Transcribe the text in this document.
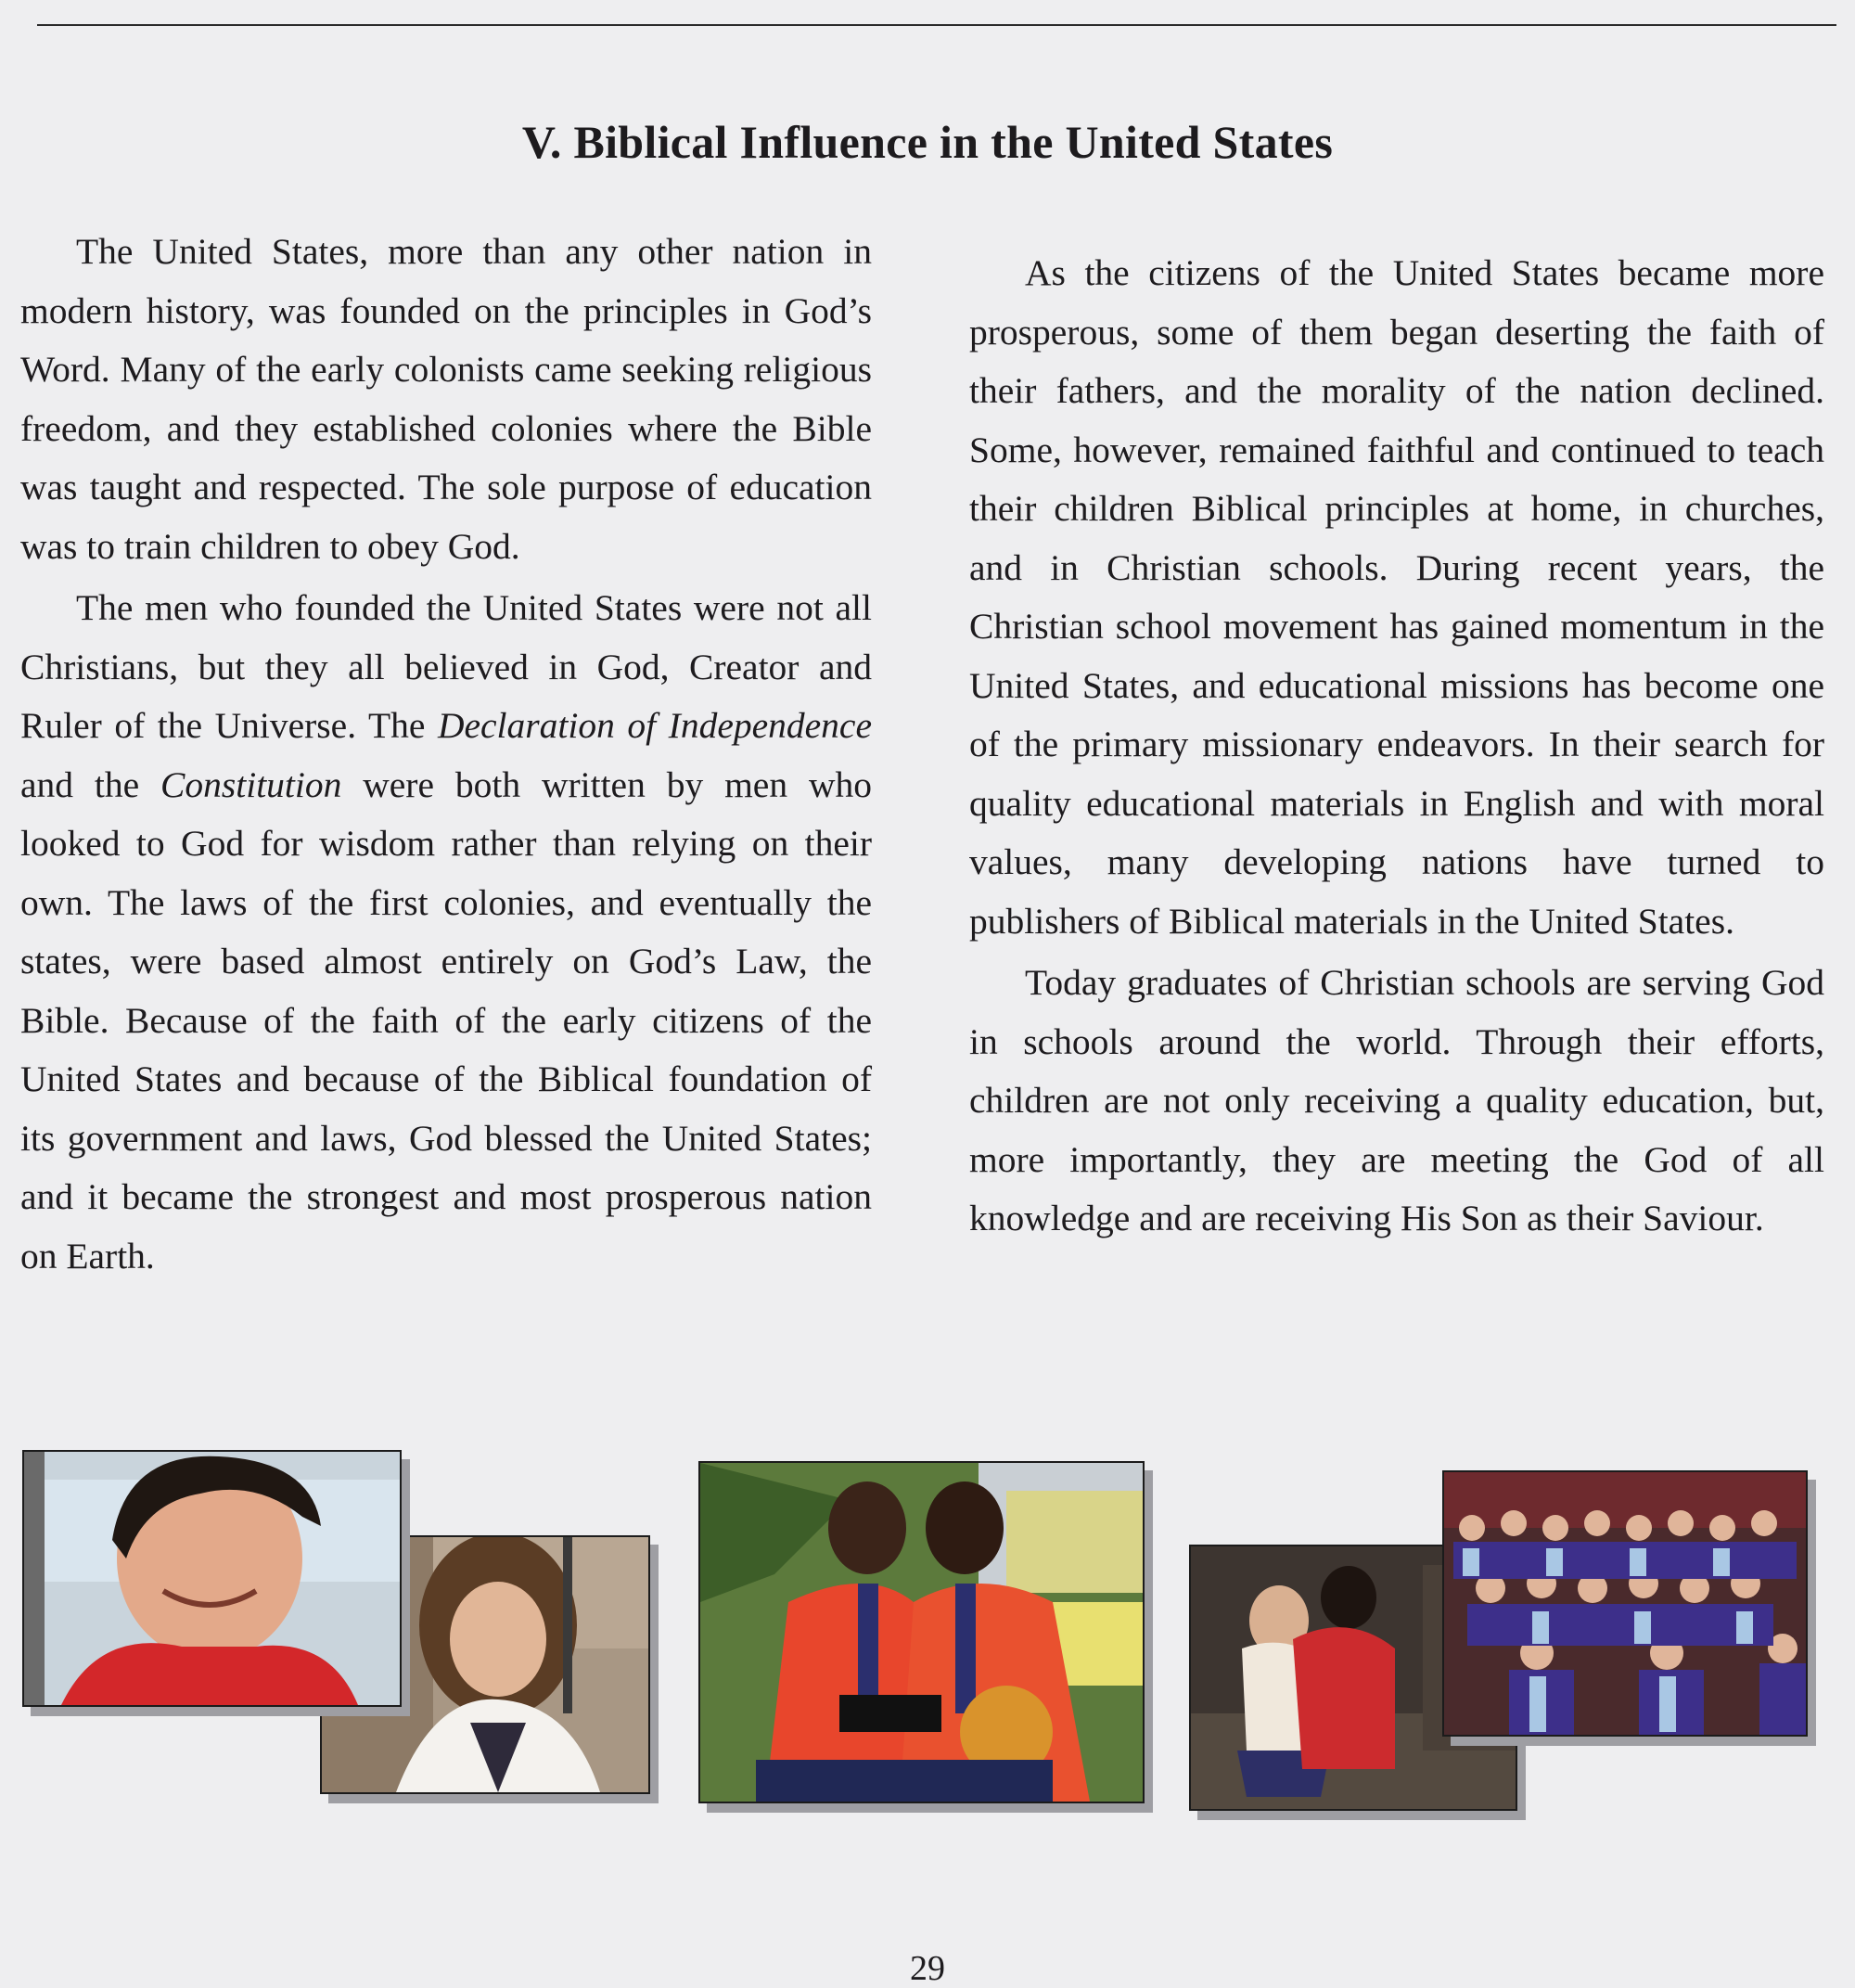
V. Biblical Influence in the United States

The United States, more than any other nation in modern history, was founded on the principles in God’s Word. Many of the early colonists came seeking religious freedom, and they established colonies where the Bible was taught and respected. The sole purpose of education was to train children to obey God.

The men who founded the United States were not all Christians, but they all believed in God, Creator and Ruler of the Universe. The Declaration of Independence and the Constitution were both written by men who looked to God for wisdom rather than relying on their own. The laws of the first colonies, and eventually the states, were based almost entirely on God’s Law, the Bible. Because of the faith of the early citizens of the United States and because of the Biblical foundation of its government and laws, God blessed the United States; and it became the strongest and most prosperous nation on Earth.

As the citizens of the United States became more prosperous, some of them began deserting the faith of their fathers, and the morality of the nation declined. Some, however, remained faithful and continued to teach their children Biblical principles at home, in churches, and in Christian schools. During recent years, the Christian school movement has gained momentum in the United States, and educational missions has become one of the primary missionary endeavors. In their search for quality educational materials in English and with moral values, many developing nations have turned to publishers of Biblical materials in the United States.

Today graduates of Christian schools are serving God in schools around the world. Through their efforts, children are not only receiving a quality education, but, more importantly, they are meeting the God of all knowledge and are receiving His Son as their Saviour.

29
